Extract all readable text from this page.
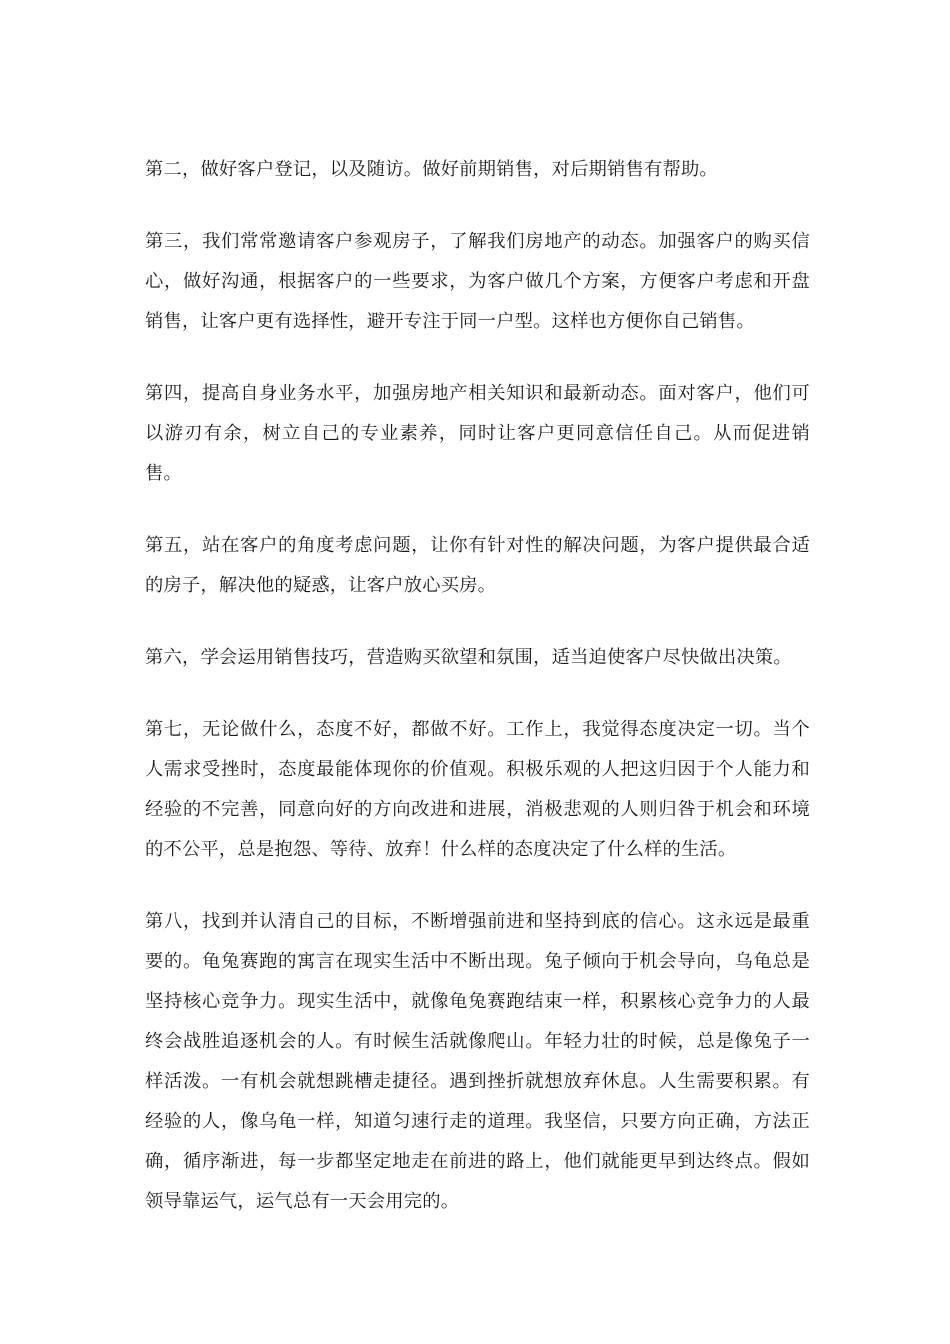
第二，做好客户登记，以及随访。做好前期销售，对后期销售有帮助。

第三，我们常常邀请客户参观房子，了解我们房地产的动态。加强客户的购买信心，做好沟通，根据客户的一些要求，为客户做几个方案，方便客户考虑和开盘销售，让客户更有选择性，避开专注于同一户型。这样也方便你自己销售。

第四，提高自身业务水平，加强房地产相关知识和最新动态。面对客户，他们可以游刃有余，树立自己的专业素养，同时让客户更同意信任自己。从而促进销售。

第五，站在客户的角度考虑问题，让你有针对性的解决问题，为客户提供最合适的房子，解决他的疑惑，让客户放心买房。

第六，学会运用销售技巧，营造购买欲望和氛围，适当迫使客户尽快做出决策。

第七，无论做什么，态度不好，都做不好。工作上，我觉得态度决定一切。当个人需求受挫时，态度最能体现你的价值观。积极乐观的人把这归因于个人能力和经验的不完善，同意向好的方向改进和进展，消极悲观的人则归咎于机会和环境的不公平，总是抱怨、等待、放弃！什么样的态度决定了什么样的生活。

第八，找到并认清自己的目标，不断增强前进和坚持到底的信心。这永远是最重要的。龟兔赛跑的寓言在现实生活中不断出现。兔子倾向于机会导向，乌龟总是坚持核心竞争力。现实生活中，就像龟兔赛跑结束一样，积累核心竞争力的人最终会战胜追逐机会的人。有时候生活就像爬山。年轻力壮的时候，总是像兔子一样活泼。一有机会就想跳槽走捷径。遇到挫折就想放弃休息。人生需要积累。有经验的人，像乌龟一样，知道匀速行走的道理。我坚信，只要方向正确，方法正确，循序渐进，每一步都坚定地走在前进的路上，他们就能更早到达终点。假如领导靠运气，运气总有一天会用完的。
